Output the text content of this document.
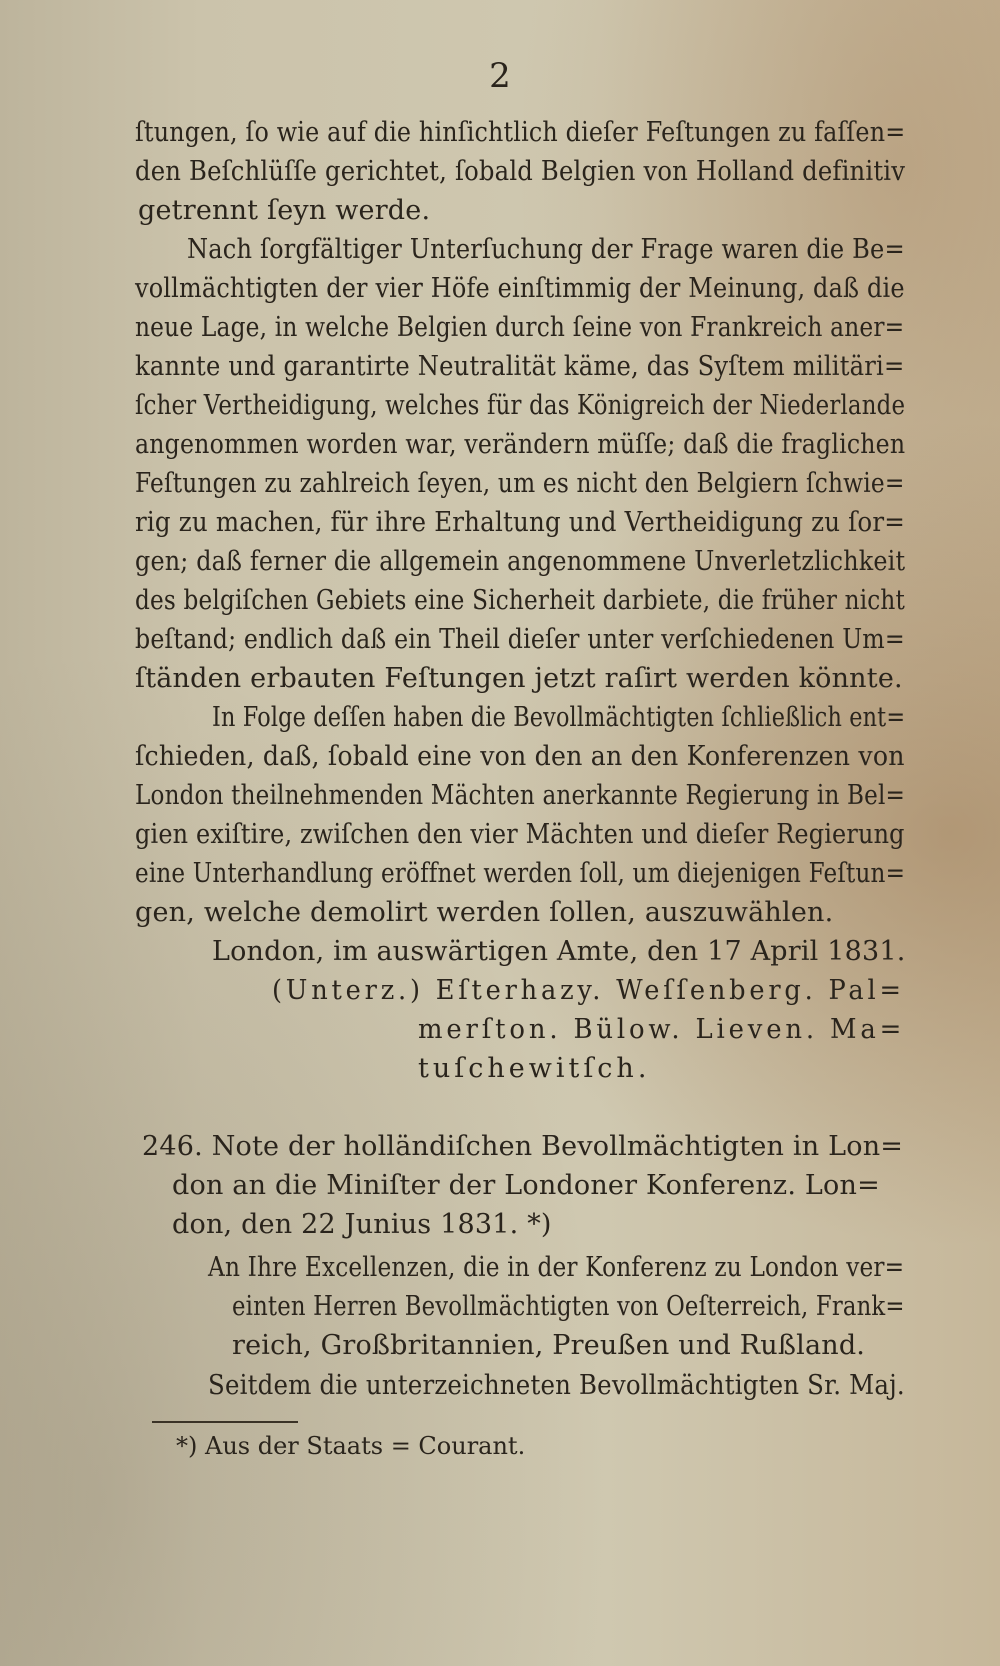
2
ſtungen, ſo wie auf die hinſichtlich dieſer Feſtungen zu faſſen=
den Beſchlüſſe gerichtet, ſobald Belgien von Holland definitiv
getrennt ſeyn werde.
Nach ſorgfältiger Unterſuchung der Frage waren die Be=
vollmächtigten der vier Höfe einſtimmig der Meinung, daß die
neue Lage, in welche Belgien durch ſeine von Frankreich aner=
kannte und garantirte Neutralität käme, das Syſtem militäri=
ſcher Vertheidigung, welches für das Königreich der Niederlande
angenommen worden war, verändern müſſe; daß die fraglichen
Feſtungen zu zahlreich ſeyen, um es nicht den Belgiern ſchwie=
rig zu machen, für ihre Erhaltung und Vertheidigung zu ſor=
gen; daß ferner die allgemein angenommene Unverletzlichkeit
des belgiſchen Gebiets eine Sicherheit darbiete, die früher nicht
beſtand; endlich daß ein Theil dieſer unter verſchiedenen Um=
ſtänden erbauten Feſtungen jetzt raſirt werden könnte.
In Folge deſſen haben die Bevollmächtigten ſchließlich ent=
ſchieden, daß, ſobald eine von den an den Konferenzen von
London theilnehmenden Mächten anerkannte Regierung in Bel=
gien exiſtire, zwiſchen den vier Mächten und dieſer Regierung
eine Unterhandlung eröffnet werden ſoll, um diejenigen Feſtun=
gen, welche demolirt werden ſollen, auszuwählen.
London, im auswärtigen Amte, den 17 April 1831.
(Unterz.) Eſterhazy. Weſſenberg. Pal=
merſton. Bülow. Lieven. Ma=
tuſchewitſch.
246. Note der holländiſchen Bevollmächtigten in Lon=
don an die Miniſter der Londoner Konferenz. Lon=
don, den 22 Junius 1831. *)
An Ihre Excellenzen, die in der Konferenz zu London ver=
einten Herren Bevollmächtigten von Oeſterreich, Frank=
reich, Großbritannien, Preußen und Rußland.
Seitdem die unterzeichneten Bevollmächtigten Sr. Maj.
*) Aus der Staats = Courant.
